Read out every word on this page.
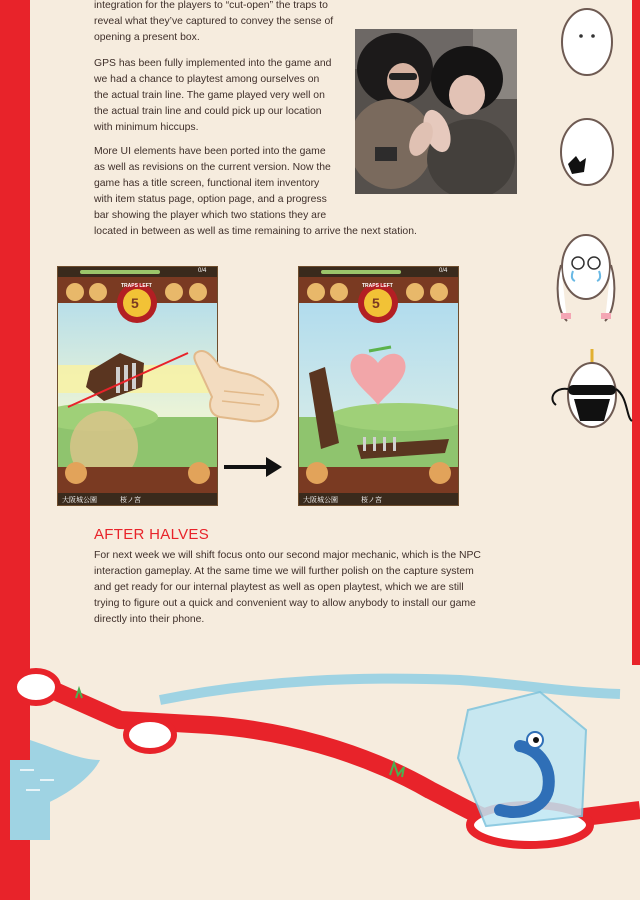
integration for the players to “cut-open” the traps to reveal what they’ve captured to convey the sense of opening a present box.

GPS has been fully implemented into the game and we had a chance to playtest among ourselves on the actual train line. The game played very well on the actual train line and could pick up our location with minimum hiccups.

More UI elements have been ported into the game
as well as revisions on the current version. Now the
game has a title screen, functional item inventory
with item status page, option page, and a progress
bar showing the player which two stations they are
located in between as well as time remaining to arrive the next station.
5
TRAPS LEFT
0/4
大阪城公園	桜ノ宮
5
TRAPS LEFT
0/4
大阪城公園	桜ノ宮
AFTER HALVES
For next week we will shift focus onto our second major mechanic, which is the NPC interaction gameplay. At the same time we will further polish on the capture system and get ready for our internal playtest as well as open playtest, which we are still trying to figure out a quick and convenient way to allow anybody to install our game directly into their phone.
